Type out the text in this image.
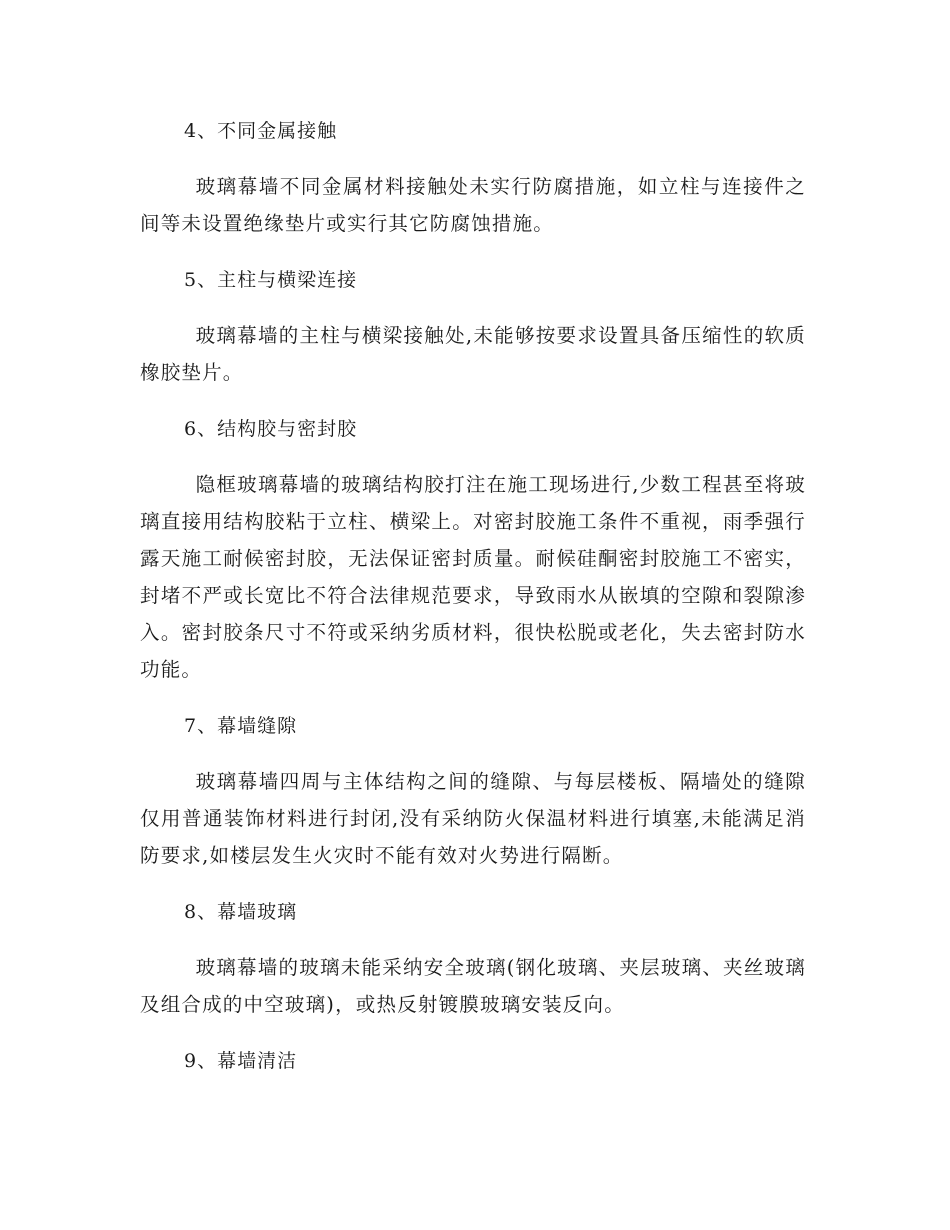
4、不同金属接触

玻璃幕墙不同金属材料接触处未实行防腐措施，如立柱与连接件之间等未设置绝缘垫片或实行其它防腐蚀措施。

5、主柱与横梁连接

玻璃幕墙的主柱与横梁接触处,未能够按要求设置具备压缩性的软质橡胶垫片。

6、结构胶与密封胶

隐框玻璃幕墙的玻璃结构胶打注在施工现场进行,少数工程甚至将玻璃直接用结构胶粘于立柱、横梁上。对密封胶施工条件不重视，雨季强行露天施工耐候密封胶，无法保证密封质量。耐候硅酮密封胶施工不密实，封堵不严或长宽比不符合法律规范要求，导致雨水从嵌填的空隙和裂隙渗入。密封胶条尺寸不符或采纳劣质材料，很快松脱或老化，失去密封防水功能。

7、幕墙缝隙

玻璃幕墙四周与主体结构之间的缝隙、与每层楼板、隔墙处的缝隙仅用普通装饰材料进行封闭,没有采纳防火保温材料进行填塞,未能满足消防要求,如楼层发生火灾时不能有效对火势进行隔断。

8、幕墙玻璃

玻璃幕墙的玻璃未能采纳安全玻璃(钢化玻璃、夹层玻璃、夹丝玻璃及组合成的中空玻璃)，或热反射镀膜玻璃安装反向。

9、幕墙清洁
